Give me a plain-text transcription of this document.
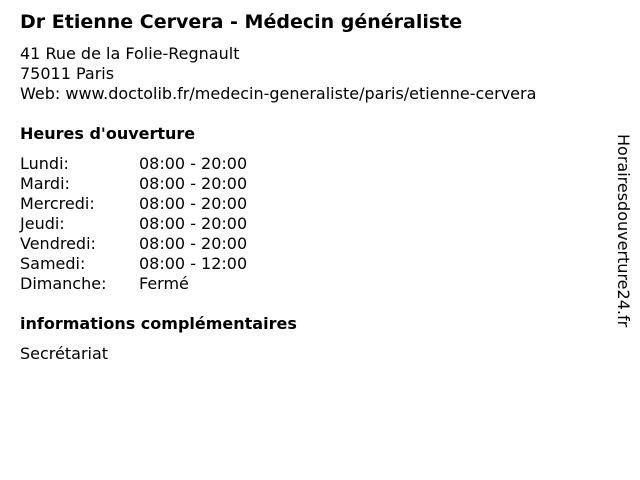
Dr Etienne Cervera - Médecin généraliste
41 Rue de la Folie-Regnault
75011 Paris
Web: www.doctolib.fr/medecin-generaliste/paris/etienne-cervera
Heures d'ouverture
Lundi:	08:00 - 20:00
Mardi:	08:00 - 20:00
Mercredi:	08:00 - 20:00
Jeudi:	08:00 - 20:00
Vendredi:	08:00 - 20:00
Samedi:	08:00 - 12:00
Dimanche: Fermé
informations complémentaires
Secrétariat
Horairesdouverture24.fr
